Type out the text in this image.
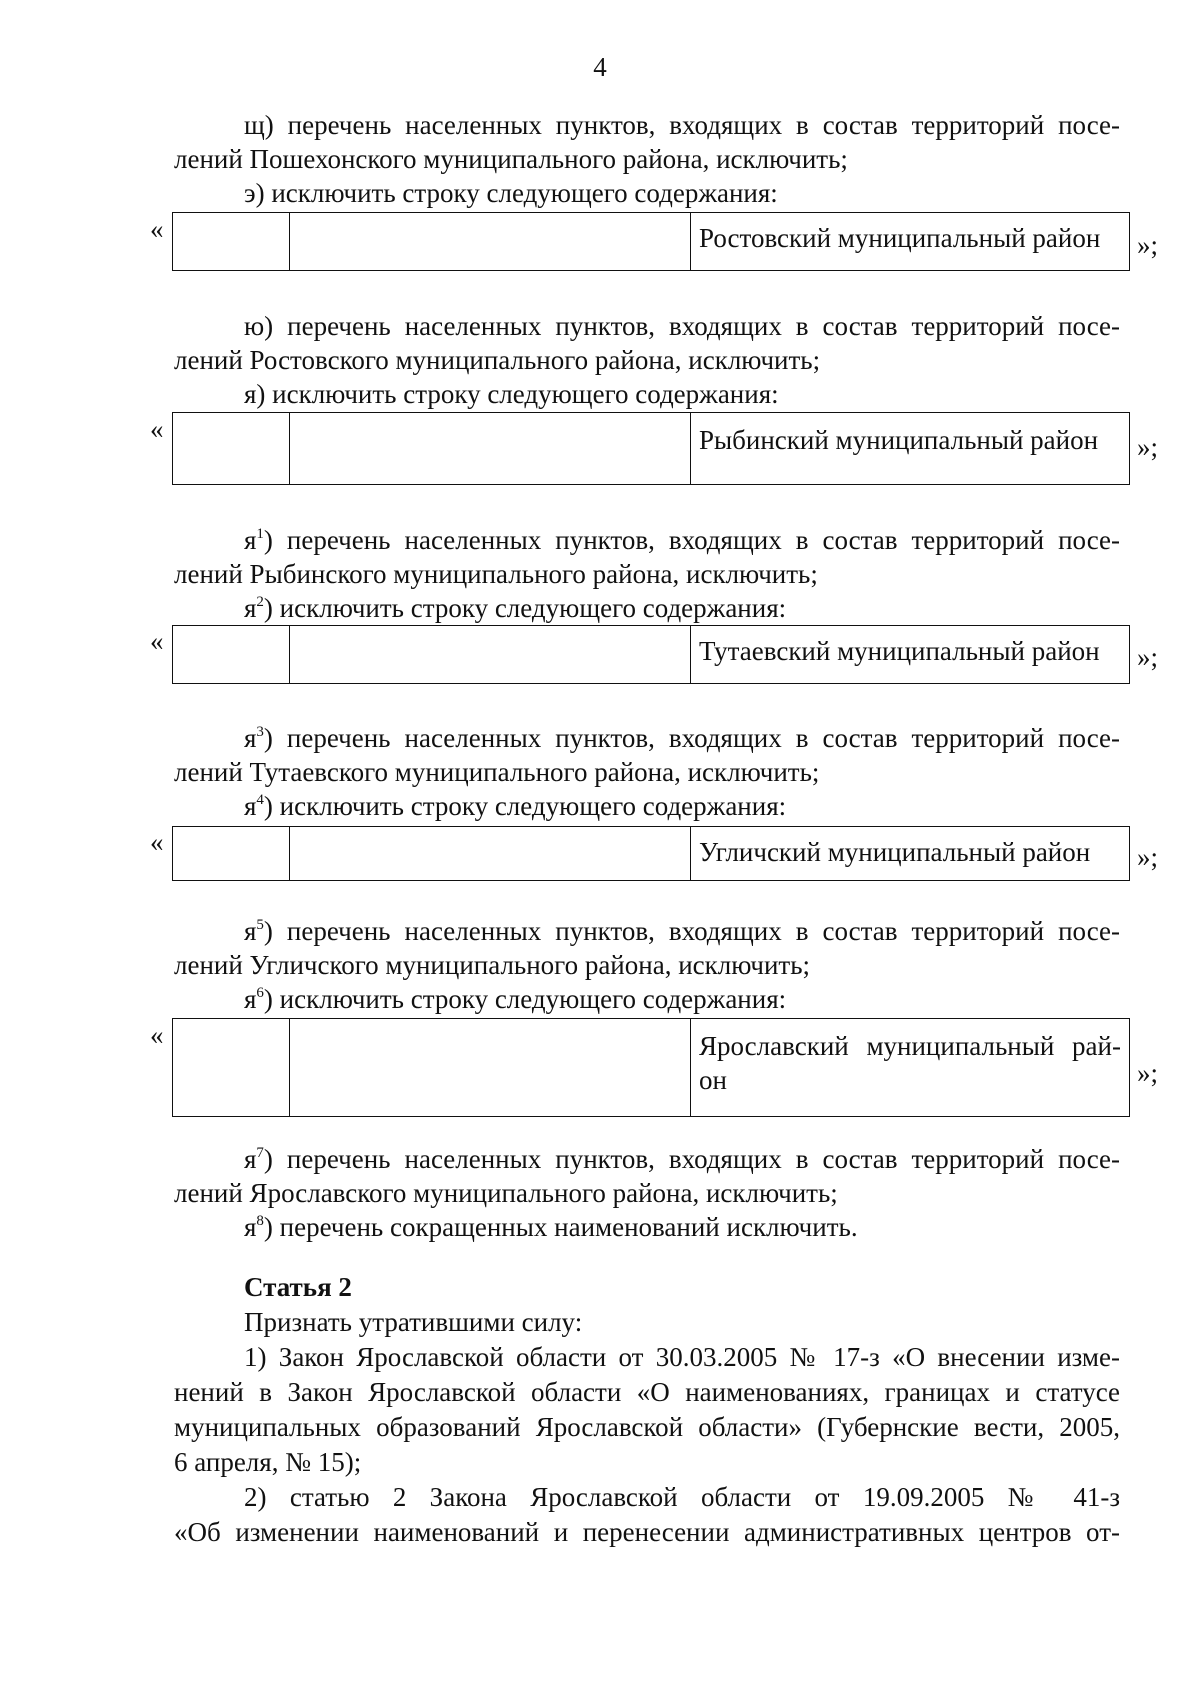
4
щ) перечень населенных пунктов, входящих в состав территорий посе-
лений Пошехонского муниципального района, исключить;
э) исключить строку следующего содержания:
«
			Ростовский муниципальный район »;
ю) перечень населенных пунктов, входящих в состав территорий посе-
лений Ростовского муниципального района, исключить;
я) исключить строку следующего содержания:
«
			Рыбинский муниципальный район »;
$я^1$) перечень населенных пунктов, входящих в состав территорий посе-
лений Рыбинского муниципального района, исключить;
$я^2$) исключить строку следующего содержания:
«
			Тутаевский муниципальный район »;
$я^3$) перечень населенных пунктов, входящих в состав территорий посе-
лений Тутаевского муниципального района, исключить;
$я^4$) исключить строку следующего содержания:
«
			Угличский муниципальный район »;
$я^5$) перечень населенных пунктов, входящих в состав территорий посе-
лений Угличского муниципального района, исключить;
$я^6$) исключить строку следующего содержания:
«
			Ярославский муниципальный рай-
он	»;
$я^7$) перечень населенных пунктов, входящих в состав территорий посе-
лений Ярославского муниципального района, исключить;
$я^8$) перечень сокращенных наименований исключить.
Статья 2
Признать утратившими силу:
1) Закон Ярославской области от 30.03.2005 № 17-з «О внесении изме-
нений в Закон Ярославской области «О наименованиях, границах и статусе
муниципальных образований Ярославской области» (Губернские вести, 2005,
6 апреля, № 15);
2) статью 2 Закона Ярославской области от 19.09.2005 № 41-з
«Об изменении наименований и перенесении административных центров от-
